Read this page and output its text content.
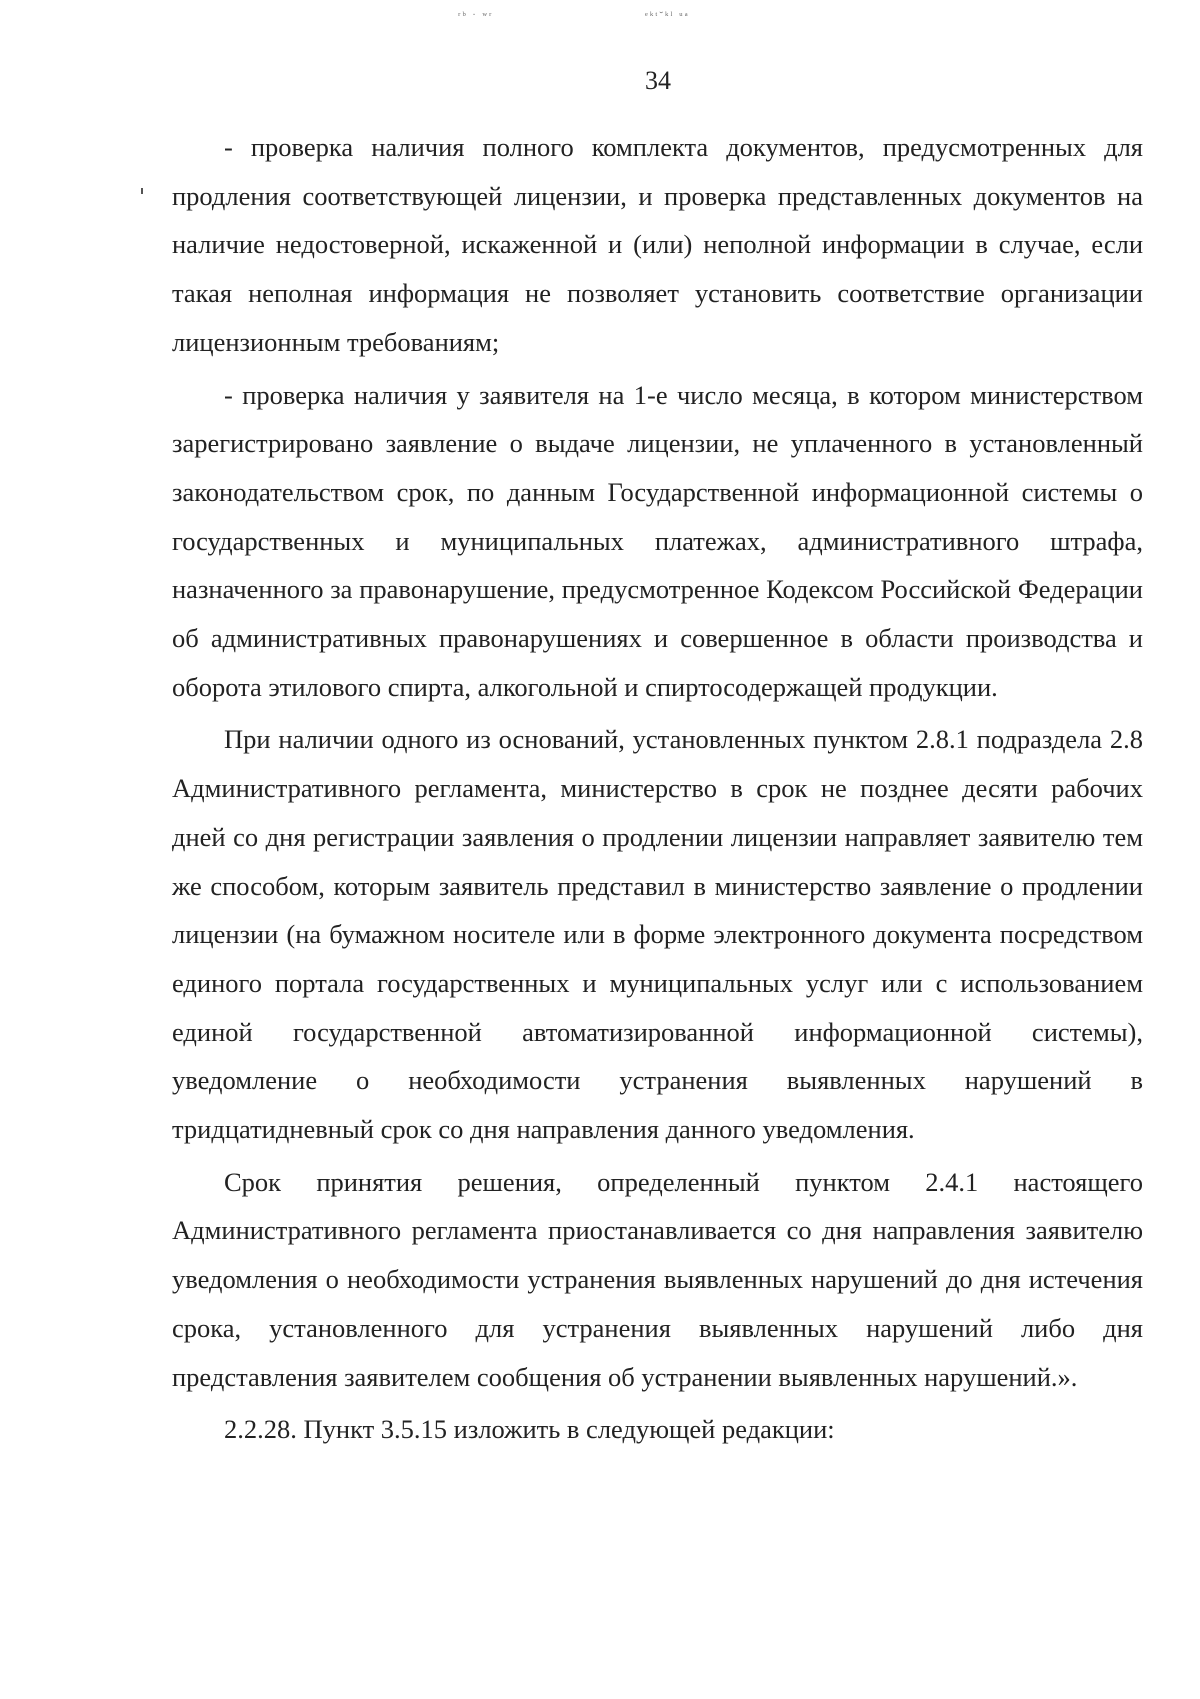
ʳᵇ ˑ ʷʳ	ᵉᵏᵗ˘ᵏˡ ᵘᵃ
34

- проверка наличия полного комплекта документов, предусмотренных для продления соответствующей лицензии, и проверка представленных документов на наличие недостоверной, искаженной и (или) неполной информации в случае, если такая неполная информация не позволяет установить соответствие организации лицензионным требованиям;

- проверка наличия у заявителя на 1-е число месяца, в котором министерством зарегистрировано заявление о выдаче лицензии, не уплаченного в установленный законодательством срок, по данным Государственной информационной системы о государственных и муниципальных платежах, административного штрафа, назначенного за правонарушение, предусмотренное Кодексом Российской Федерации об административных правонарушениях и совершенное в области производства и оборота этилового спирта, алкогольной и спиртосодержащей продукции.

При наличии одного из оснований, установленных пунктом 2.8.1 подраздела 2.8 Административного регламента, министерство в срок не позднее десяти рабочих дней со дня регистрации заявления о продлении лицензии направляет заявителю тем же способом, которым заявитель представил в министерство заявление о продлении лицензии (на бумажном носителе или в форме электронного документа посредством единого портала государственных и муниципальных услуг или с использованием единой государственной автоматизированной информационной системы), уведомление о необходимости устранения выявленных нарушений в тридцатидневный срок со дня направления данного уведомления.

Срок принятия решения, определенный пунктом 2.4.1 настоящего Административного регламента приостанавливается со дня направления заявителю уведомления о необходимости устранения выявленных нарушений до дня истечения срока, установленного для устранения выявленных нарушений либо дня представления заявителем сообщения об устранении выявленных нарушений.».

2.2.28. Пункт 3.5.15 изложить в следующей редакции:
